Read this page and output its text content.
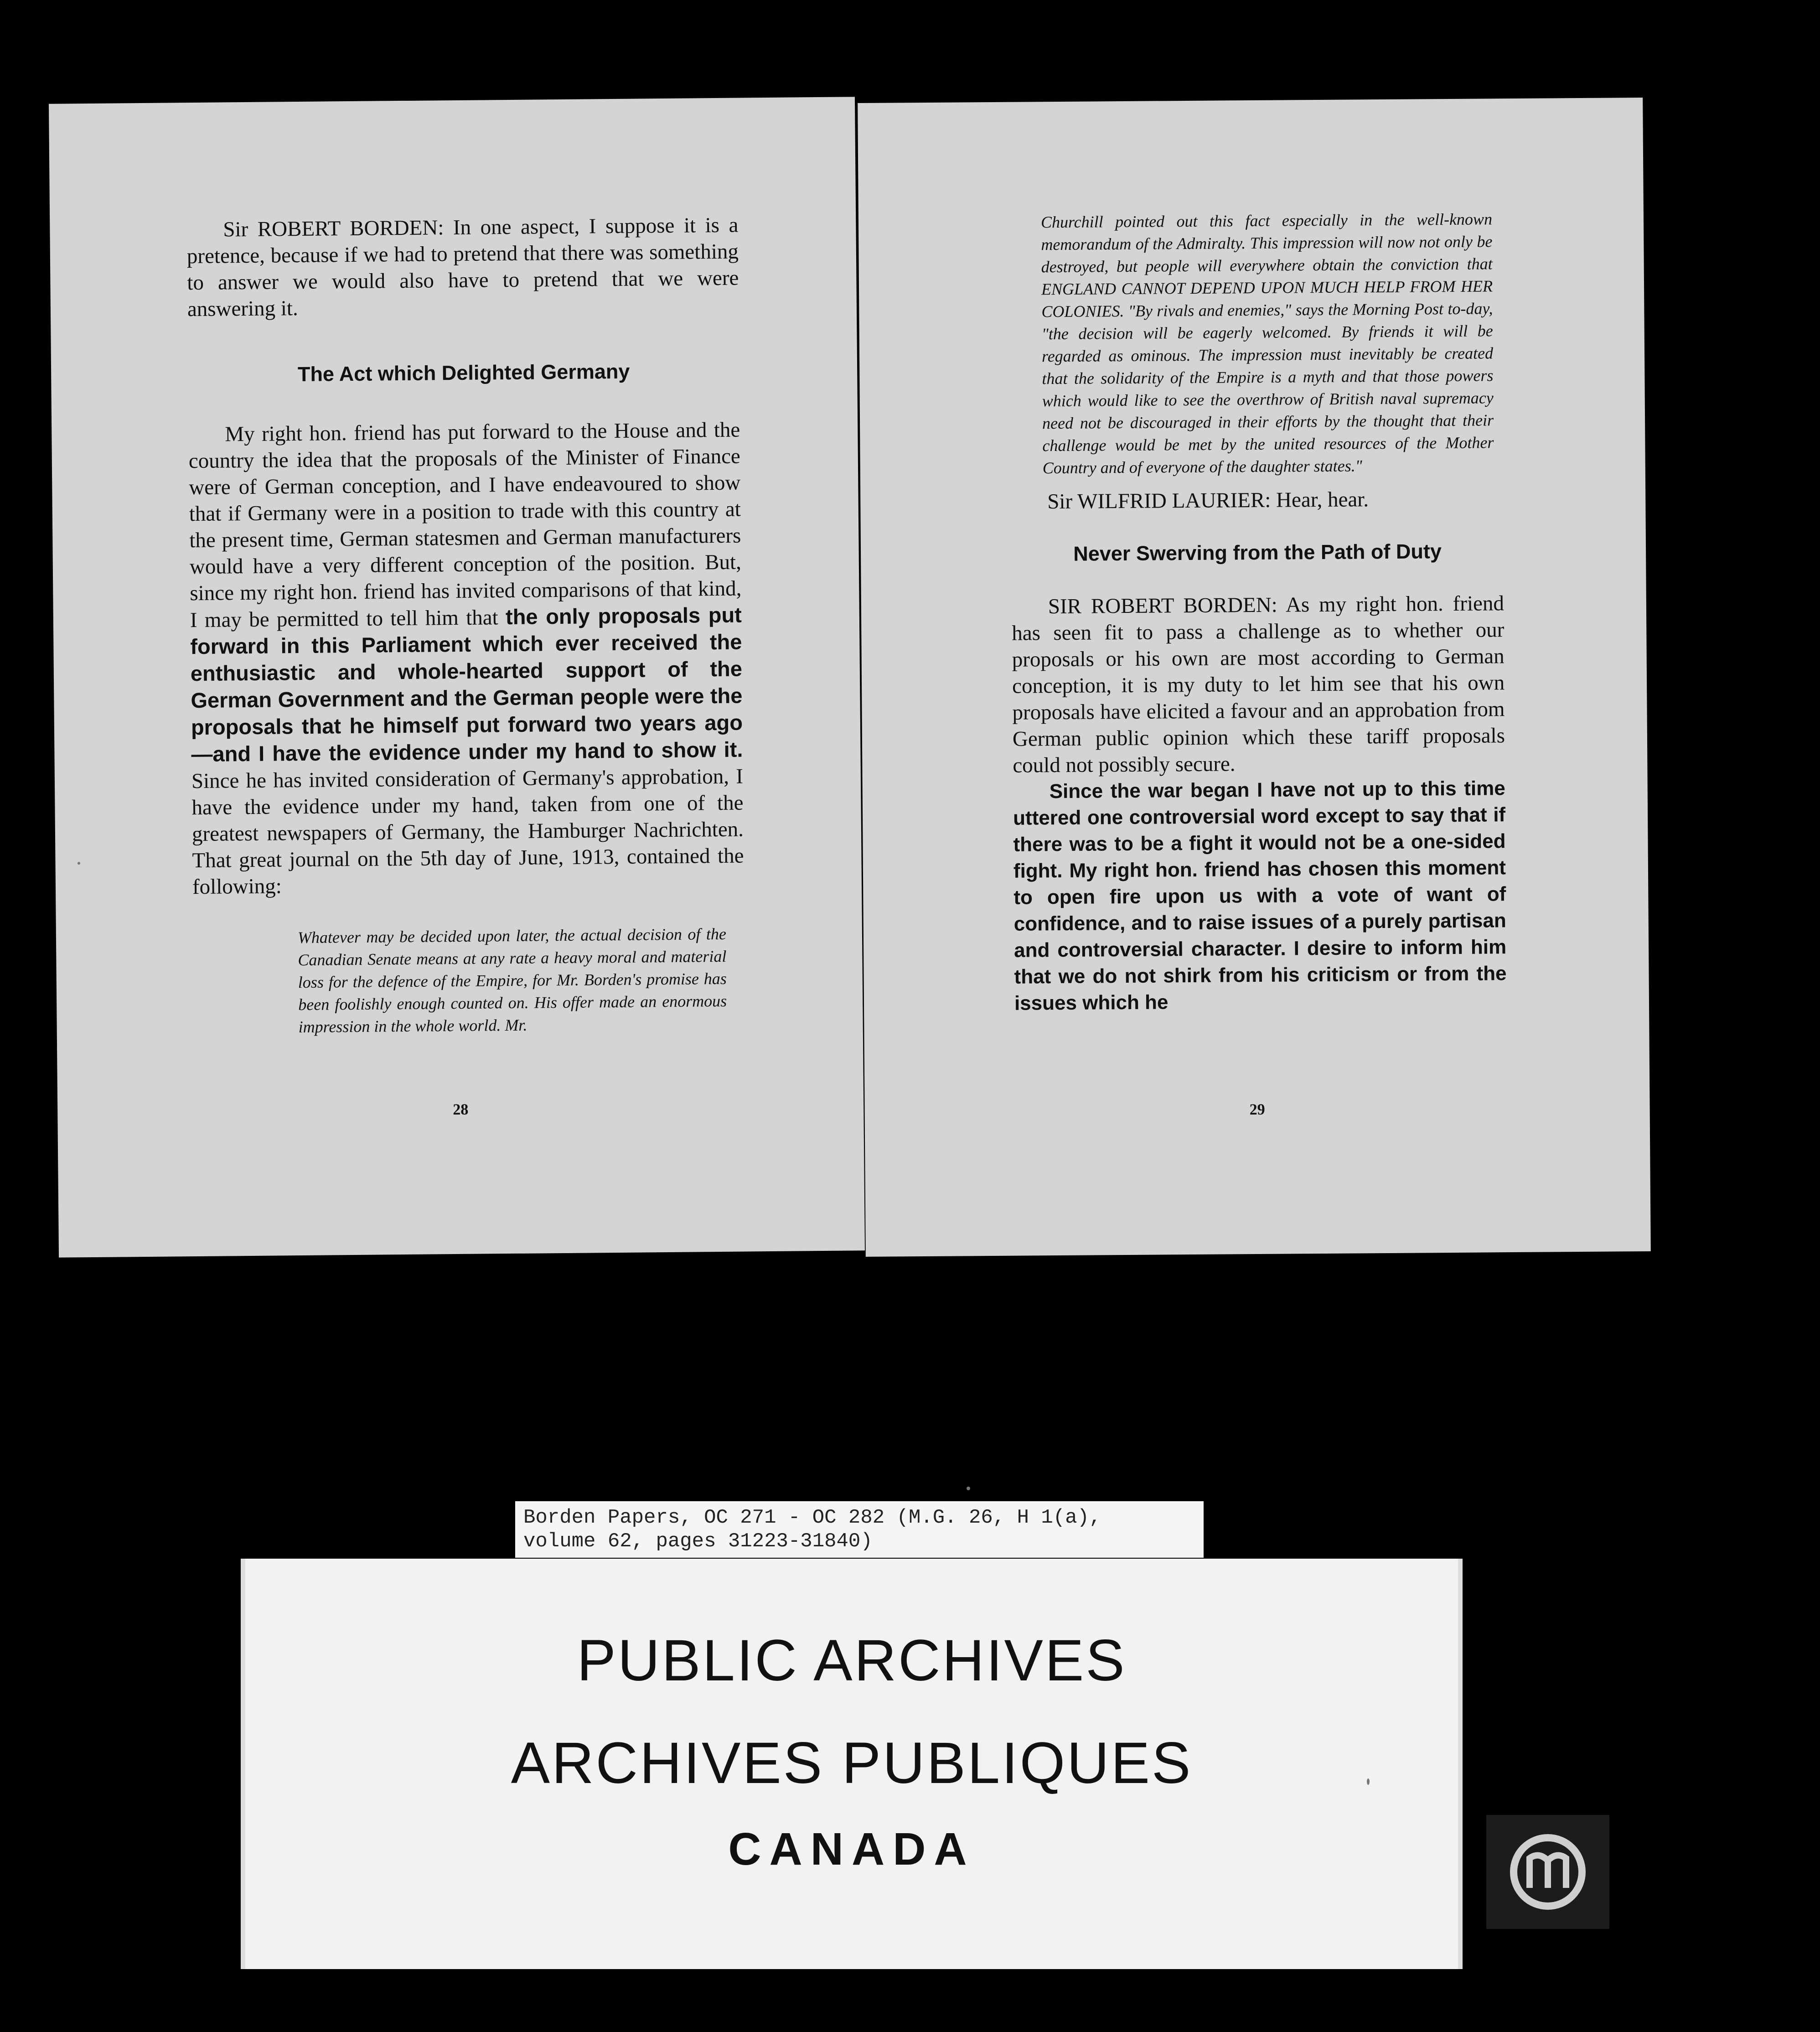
Sir ROBERT BORDEN: In one aspect, I suppose it is a pretence, because if we had to pretend that there was something to answer we would also have to pretend that we were answering it.

The Act which Delighted Germany

My right hon. friend has put forward to the House and the country the idea that the proposals of the Minister of Finance were of German conception, and I have endeavoured to show that if Germany were in a position to trade with this country at the present time, German statesmen and German manufacturers would have a very different conception of the position. But, since my right hon. friend has invited comparisons of that kind, I may be permitted to tell him that the only proposals put forward in this Parliament which ever received the enthusiastic and whole-hearted support of the German Government and the German people were the proposals that he himself put forward two years ago—and I have the evidence under my hand to show it. Since he has invited consideration of Germany's approbation, I have the evidence under my hand, taken from one of the greatest newspapers of Germany, the Hamburger Nachrichten. That great journal on the 5th day of June, 1913, contained the following:

Whatever may be decided upon later, the actual decision of the Canadian Senate means at any rate a heavy moral and material loss for the defence of the Empire, for Mr. Borden's promise has been foolishly enough counted on. His offer made an enormous impression in the whole world. Mr.

28

Churchill pointed out this fact especially in the well-known memorandum of the Admiralty. This impression will now not only be destroyed, but people will everywhere obtain the conviction that ENGLAND CANNOT DEPEND UPON MUCH HELP FROM HER COLONIES. "By rivals and enemies," says the Morning Post to-day, "the decision will be eagerly welcomed. By friends it will be regarded as ominous. The impression must inevitably be created that the solidarity of the Empire is a myth and that those powers which would like to see the overthrow of British naval supremacy need not be discouraged in their efforts by the thought that their challenge would be met by the united resources of the Mother Country and of everyone of the daughter states."

Sir WILFRID LAURIER: Hear, hear.

Never Swerving from the Path of Duty

SIR ROBERT BORDEN: As my right hon. friend has seen fit to pass a challenge as to whether our proposals or his own are most according to German conception, it is my duty to let him see that his own proposals have elicited a favour and an approbation from German public opinion which these tariff proposals could not possibly secure.

Since the war began I have not up to this time uttered one controversial word except to say that if there was to be a fight it would not be a one-sided fight. My right hon. friend has chosen this moment to open fire upon us with a vote of want of confidence, and to raise issues of a purely partisan and controversial character. I desire to inform him that we do not shirk from his criticism or from the issues which he

29
Borden Papers, OC 271 - OC 282 (M.G. 26, H 1(a),
volume 62, pages 31223-31840)
PUBLIC ARCHIVES
ARCHIVES PUBLIQUES
CANADA
